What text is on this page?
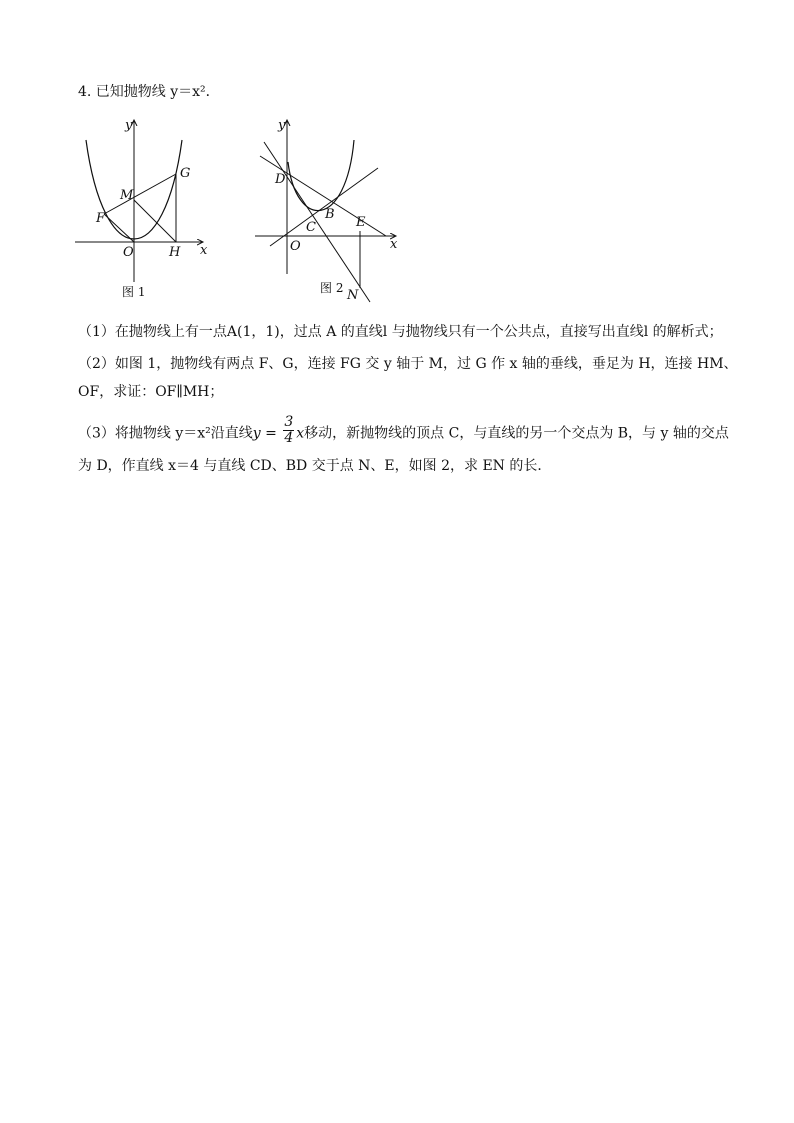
4. 已知抛物线 y＝x²．
y
x
M
G
F
O	H
图 1
y
x
D
B
C	E
O
N
图 2
（1）在抛物线上有一点A(1，1)，过点 A 的直线l 与抛物线只有一个公共点，直接写出直线l 的解析式；
（2）如图 1，抛物线有两点 F、G，连接 FG 交 y 轴于 M，过 G 作 x 轴的垂线，垂足为 H，连接 HM、
OF，求证：OF∥MH；
（3）将抛物线 y＝x²沿直线$y = \frac{3}{4}$ x移动，新抛物线的顶点 C，与直线的另一个交点为 B，与 y 轴的交点
为 D，作直线 x＝4 与直线 CD、BD 交于点 N、E，如图 2，求 EN 的长．
